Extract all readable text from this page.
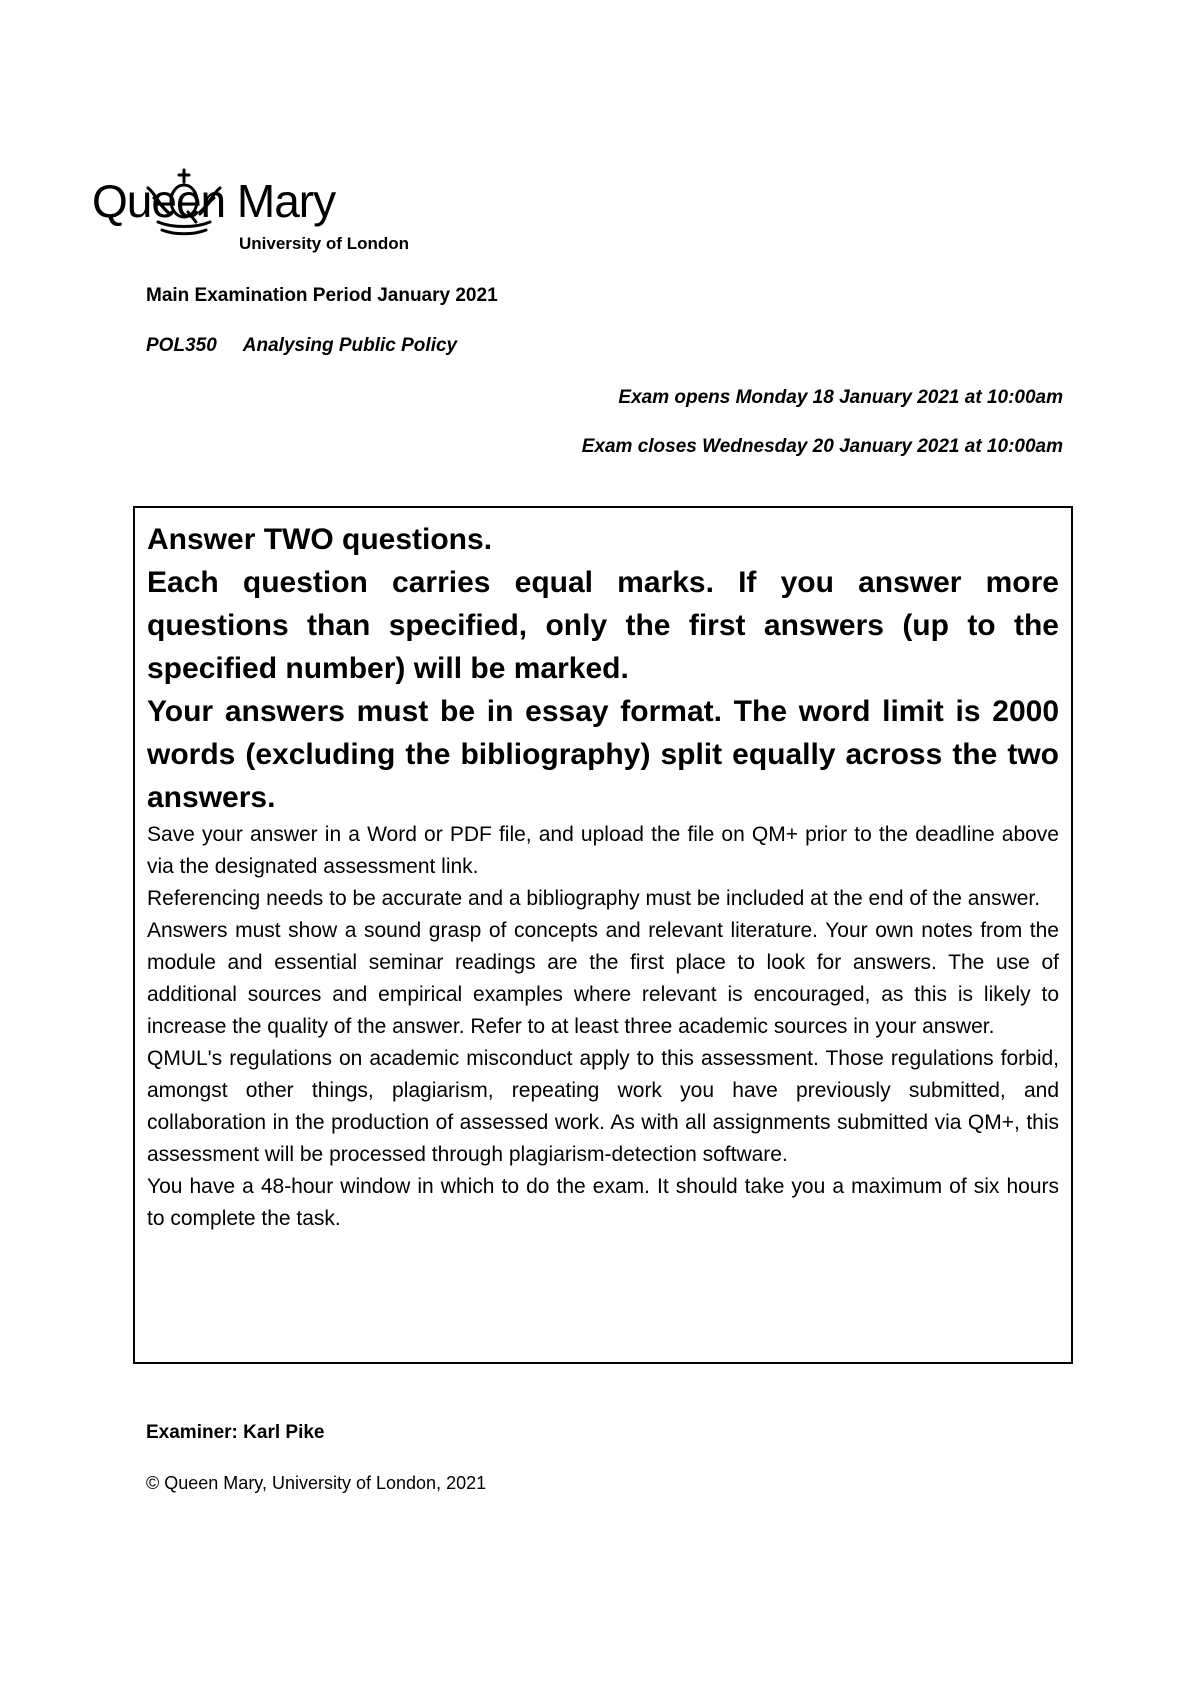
Queen Mary
University of London
Main Examination Period January 2021
POL350 Analysing Public Policy
Exam opens Monday 18 January 2021 at 10:00am
Exam closes Wednesday 20 January 2021 at 10:00am

Answer TWO questions.

Each question carries equal marks. If you answer more questions than specified, only the first answers (up to the specified number) will be marked.

Your answers must be in essay format. The word limit is 2000 words (excluding the bibliography) split equally across the two answers.

Save your answer in a Word or PDF file, and upload the file on QM+ prior to the deadline above via the designated assessment link.

Referencing needs to be accurate and a bibliography must be included at the end of the answer.

Answers must show a sound grasp of concepts and relevant literature. Your own notes from the module and essential seminar readings are the first place to look for answers. The use of additional sources and empirical examples where relevant is encouraged, as this is likely to increase the quality of the answer. Refer to at least three academic sources in your answer.

QMUL's regulations on academic misconduct apply to this assessment. Those regulations forbid, amongst other things, plagiarism, repeating work you have previously submitted, and collaboration in the production of assessed work. As with all assignments submitted via QM+, this assessment will be processed through plagiarism-detection software.

You have a 48-hour window in which to do the exam. It should take you a maximum of six hours to complete the task.

Examiner: Karl Pike
© Queen Mary, University of London, 2021
